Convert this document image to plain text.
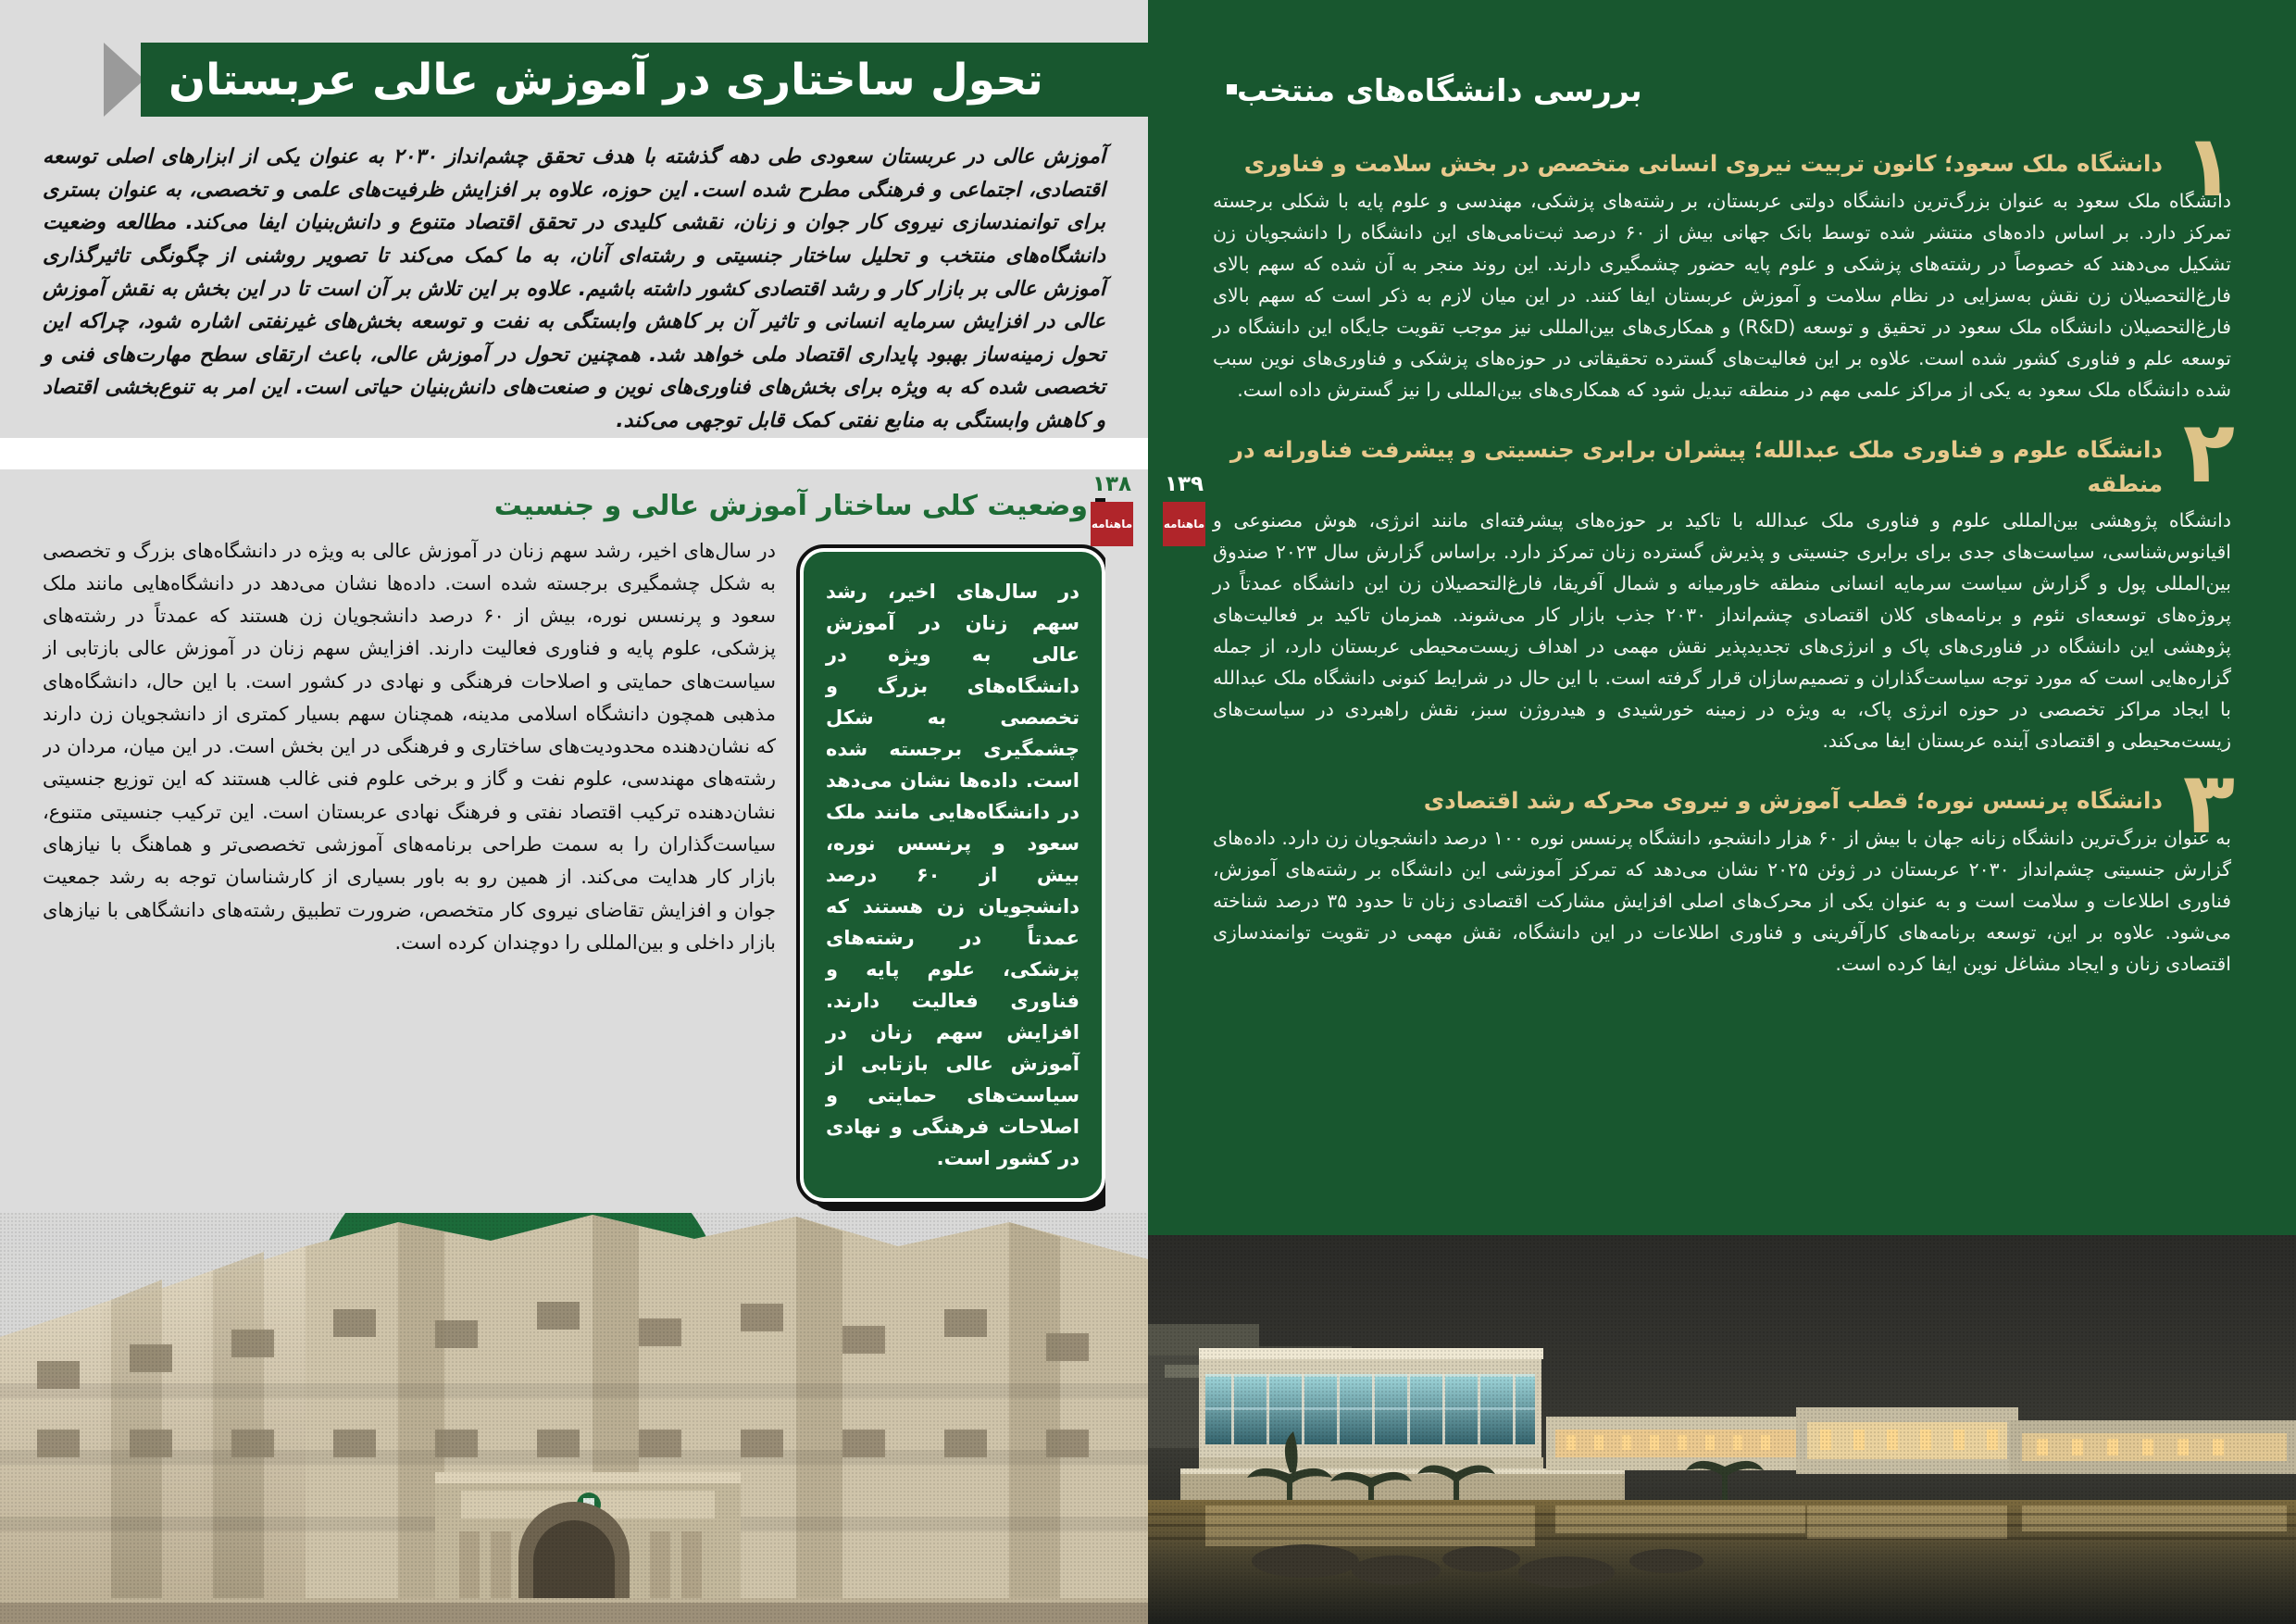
بررسی دانشگاه‌های منتخب
۱
دانشگاه ملک سعود؛ کانون تربیت نیروی انسانی متخصص در بخش سلامت و فناوری
دانشگاه ملک سعود به عنوان بزرگ‌ترین دانشگاه دولتی عربستان، بر رشته‌های پزشکی، مهندسی و علوم پایه با شکلی برجسته تمرکز دارد. بر اساس داده‌های منتشر شده توسط بانک جهانی بیش از ۶۰ درصد ثبت‌نامی‌های این دانشگاه را دانشجویان زن تشکیل می‌دهند که خصوصاً در رشته‌های پزشکی و علوم پایه حضور چشمگیری دارند. این روند منجر به آن شده که سهم بالای فارغ‌التحصیلان زن نقش به‌سزایی در نظام سلامت و آموزش عربستان ایفا کنند. در این میان لازم به ذکر است که سهم بالای فارغ‌التحصیلان دانشگاه ملک سعود در تحقیق و توسعه (R&D) و همکاری‌های بین‌المللی نیز موجب تقویت جایگاه این دانشگاه در توسعه علم و فناوری کشور شده است. علاوه بر این فعالیت‌های گسترده تحقیقاتی در حوزه‌های پزشکی و فناوری‌های نوین سبب شده دانشگاه ملک سعود به یکی از مراکز علمی مهم در منطقه تبدیل شود که همکاری‌های بین‌المللی را نیز گسترش داده است.
۲
دانشگاه علوم و فناوری ملک عبدالله؛ پیشران برابری جنسیتی و پیشرفت فناورانه در منطقه
دانشگاه پژوهشی بین‌المللی علوم و فناوری ملک عبدالله با تاکید بر حوزه‌های پیشرفته‌ای مانند انرژی، هوش مصنوعی و اقیانوس‌شناسی، سیاست‌های جدی برای برابری جنسیتی و پذیرش گسترده زنان تمرکز دارد. براساس گزارش سال ۲۰۲۳ صندوق بین‌المللی پول و گزارش سیاست سرمایه انسانی منطقه خاورمیانه و شمال آفریقا، فارغ‌التحصیلان زن این دانشگاه عمدتاً در پروژه‌های توسعه‌ای نئوم و برنامه‌های کلان اقتصادی چشم‌انداز ۲۰۳۰ جذب بازار کار می‌شوند. همزمان تاکید بر فعالیت‌های پژوهشی این دانشگاه در فناوری‌های پاک و انرژی‌های تجدیدپذیر نقش مهمی در اهداف زیست‌محیطی عربستان دارد، از جمله گزاره‌هایی است که مورد توجه سیاست‌گذاران و تصمیم‌سازان قرار گرفته است. با این حال در شرایط کنونی دانشگاه ملک عبدالله با ایجاد مراکز تخصصی در حوزه انرژی پاک، به ویژه در زمینه خورشیدی و هیدروژن سبز، نقش راهبردی در سیاست‌های زیست‌محیطی و اقتصادی آینده عربستان ایفا می‌کند.
۳
دانشگاه پرنسس نوره؛ قطب آموزش و نیروی محرکه رشد اقتصادی
به عنوان بزرگ‌ترین دانشگاه زنانه جهان با بیش از ۶۰ هزار دانشجو، دانشگاه پرنسس نوره ۱۰۰ درصد دانشجویان زن دارد. داده‌های گزارش جنسیتی چشم‌انداز ۲۰۳۰ عربستان در ژوئن ۲۰۲۵ نشان می‌دهد که تمرکز آموزشی این دانشگاه بر رشته‌های آموزش، فناوری اطلاعات و سلامت است و به عنوان یکی از محرک‌های اصلی افزایش مشارکت اقتصادی زنان تا حدود ۳۵ درصد شناخته می‌شود. علاوه بر این، توسعه برنامه‌های کارآفرینی و فناوری اطلاعات در این دانشگاه، نقش مهمی در تقویت توانمندسازی اقتصادی زنان و ایجاد مشاغل نوین ایفا کرده است.
۱۳۹
ماهنامه
تحول ساختاری در آموزش عالی عربستان
آموزش عالی در عربستان سعودی طی دهه گذشته با هدف تحقق چشم‌انداز ۲۰۳۰ به عنوان یکی از ابزارهای اصلی توسعه اقتصادی، اجتماعی و فرهنگی مطرح شده است. این حوزه، علاوه بر افزایش ظرفیت‌های علمی و تخصصی، به عنوان بستری برای توانمندسازی نیروی کار جوان و زنان، نقشی کلیدی در تحقق اقتصاد متنوع و دانش‌بنیان ایفا می‌کند. مطالعه وضعیت دانشگاه‌های منتخب و تحلیل ساختار جنسیتی و رشته‌ای آنان، به ما کمک می‌کند تا تصویر روشنی از چگونگی تاثیرگذاری آموزش عالی بر بازار کار و رشد اقتصادی کشور داشته باشیم. علاوه بر این تلاش بر آن است تا در این بخش به نقش آموزش عالی در افزایش سرمایه انسانی و تاثیر آن بر کاهش وابستگی به نفت و توسعه بخش‌های غیرنفتی اشاره شود، چراکه این تحول زمینه‌ساز بهبود پایداری اقتصاد ملی خواهد شد. همچنین تحول در آموزش عالی، باعث ارتقای سطح مهارت‌های فنی و تخصصی شده که به ویژه برای بخش‌های فناوری‌های نوین و صنعت‌های دانش‌بنیان حیاتی است. این امر به تنوع‌بخشی اقتصاد و کاهش وابستگی به منابع نفتی کمک قابل توجهی می‌کند.
وضعیت کلی ساختار آموزش عالی و جنسیت
در سال‌های اخیر، رشد سهم زنان در آموزش عالی به ویژه در دانشگاه‌های بزرگ و تخصصی به شکل چشمگیری برجسته شده است. داده‌ها نشان می‌دهد در دانشگاه‌هایی مانند ملک سعود و پرنسس نوره، بیش از ۶۰ درصد دانشجویان زن هستند که عمدتاً در رشته‌های پزشکی، علوم پایه و فناوری فعالیت دارند. افزایش سهم زنان در آموزش عالی بازتابی از سیاست‌های حمایتی و اصلاحات فرهنگی و نهادی در کشور است.
در سال‌های اخیر، رشد سهم زنان در آموزش عالی به ویژه در دانشگاه‌های بزرگ و تخصصی به شکل چشمگیری برجسته شده است. داده‌ها نشان می‌دهد در دانشگاه‌هایی مانند ملک سعود و پرنسس نوره، بیش از ۶۰ درصد دانشجویان زن هستند که عمدتاً در رشته‌های پزشکی، علوم پایه و فناوری فعالیت دارند. افزایش سهم زنان در آموزش عالی بازتابی از سیاست‌های حمایتی و اصلاحات فرهنگی و نهادی در کشور است. با این حال، دانشگاه‌های مذهبی همچون دانشگاه اسلامی مدینه، همچنان سهم بسیار کمتری از دانشجویان زن دارند که نشان‌دهنده محدودیت‌های ساختاری و فرهنگی در این بخش است. در این میان، مردان در رشته‌های مهندسی، علوم نفت و گاز و برخی علوم فنی غالب هستند که این توزیع جنسیتی نشان‌دهنده ترکیب اقتصاد نفتی و فرهنگ نهادی عربستان است. این ترکیب جنسیتی متنوع، سیاست‌گذاران را به سمت طراحی برنامه‌های آموزشی تخصصی‌تر و هماهنگ با نیازهای بازار کار هدایت می‌کند. از همین رو به باور بسیاری از کارشناسان توجه به رشد جمعیت جوان و افزایش تقاضای نیروی کار متخصص، ضرورت تطبیق رشته‌های دانشگاهی با نیازهای بازار داخلی و بین‌المللی را دوچندان کرده است.
۱۳۸
ماهنامه
